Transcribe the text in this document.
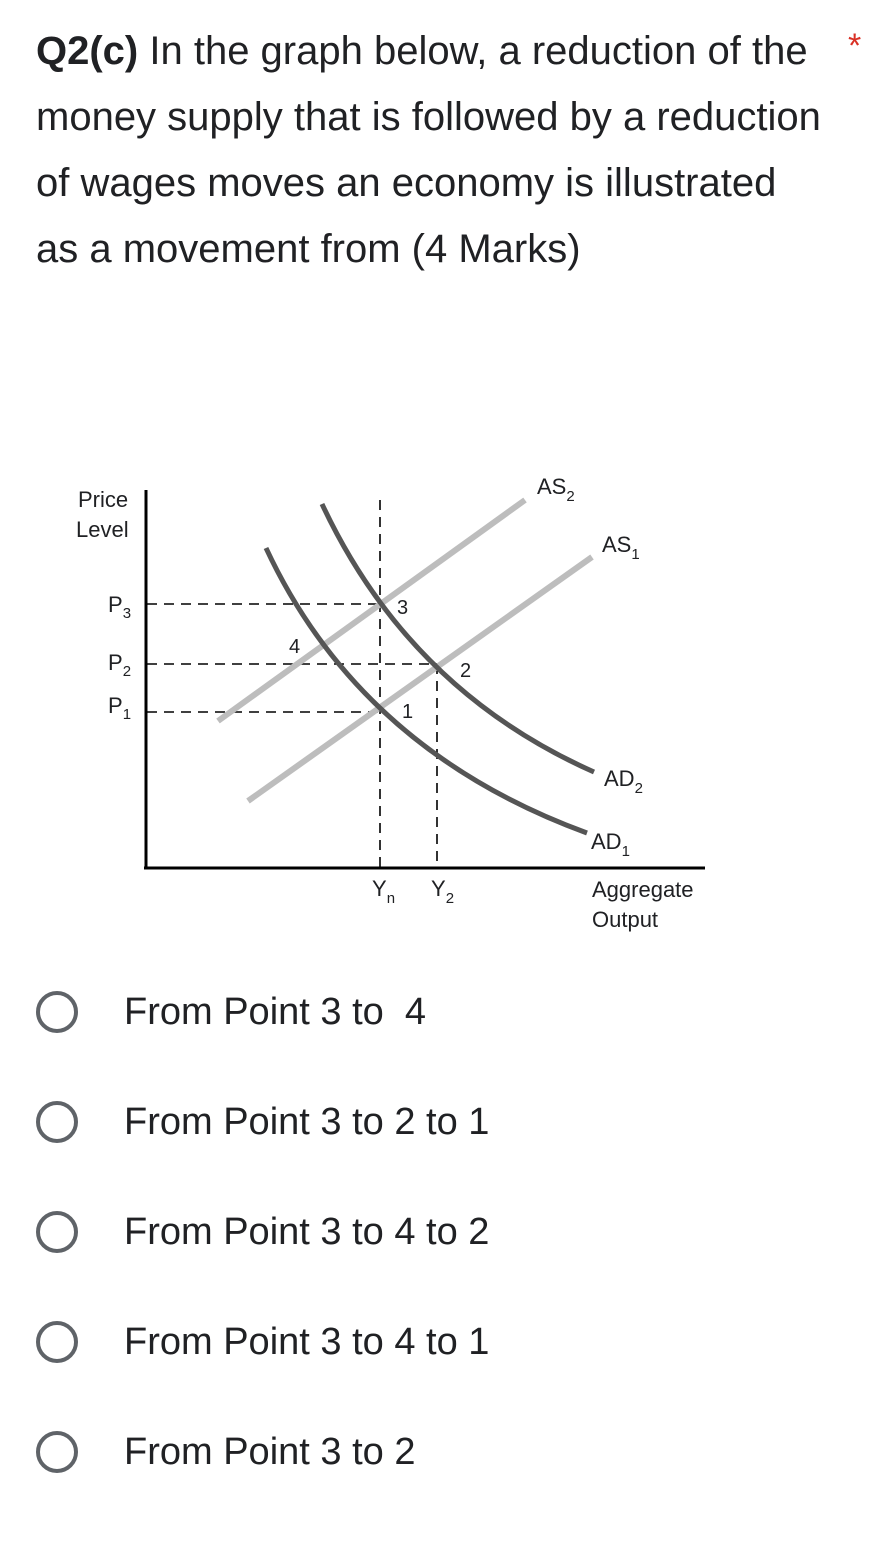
Q2(c) In the graph below, a reduction of the money supply that is followed by a reduction of wages moves an economy is illustrated as a movement from (4 Marks)

*
Price
Level
Aggregate
Output
$P_3$
$P_2$
$P_1$
$Y_n$ $Y_2$
$AS_2$
$AS_1$
$AD_2$
$AD_1$
1
2
3
4
From Point 3 to  4
From Point 3 to 2 to 1
From Point 3 to 4 to 2
From Point 3 to 4 to 1
From Point 3 to 2
